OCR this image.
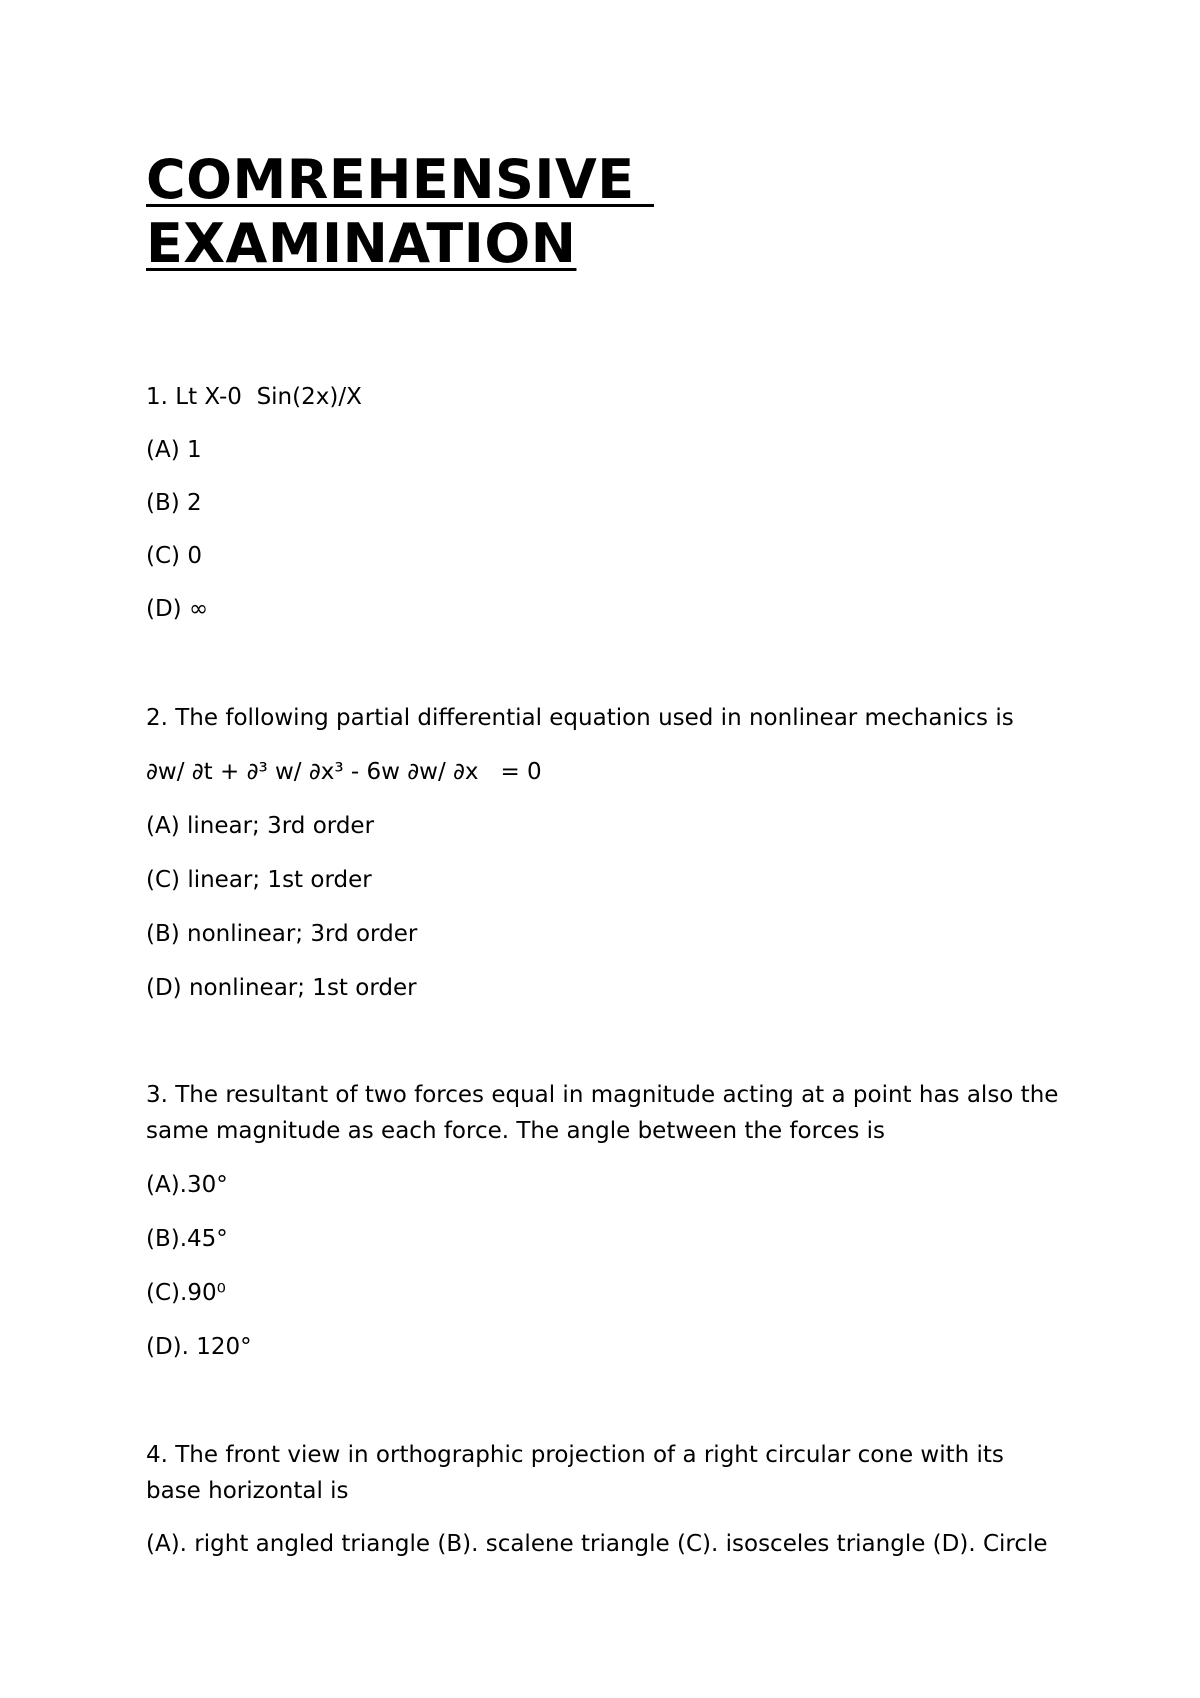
COMREHENSIVE
EXAMINATION

1. Lt X-0  Sin(2x)/X

(A) 1

(B) 2

(C) 0

(D) ∞

2. The following partial differential equation used in nonlinear mechanics is

∂w/ ∂t + ∂³ w/ ∂x³ - 6w ∂w/ ∂x   = 0

(A) linear; 3rd order

(C) linear; 1st order

(B) nonlinear; 3rd order

(D) nonlinear; 1st order

3. The resultant of two forces equal in magnitude acting at a point has also the same magnitude as each force. The angle between the forces is

(A).30°

(B).45°

(C).90⁰

(D). 120°

4. The front view in orthographic projection of a right circular cone with its base horizontal is

(A). right angled triangle (B). scalene triangle (C). isosceles triangle (D). Circle
